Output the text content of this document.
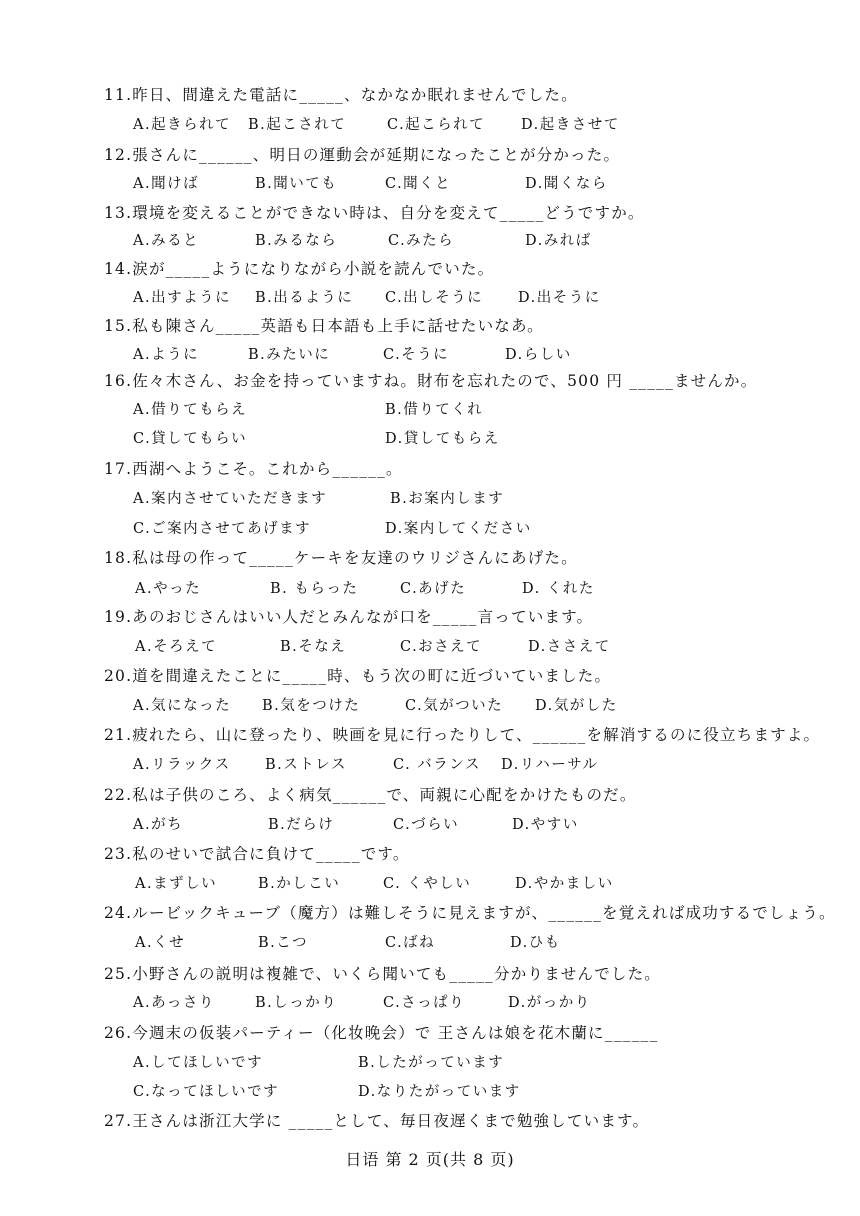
11.昨日、間違えた電話に_____、なかなか眠れませんでした。
A.起きられて B.起こされて	C.起こられて D.起きさせて
12.張さんに______、明日の運動会が延期になったことが分かった。
A.聞けば	B.聞いても	C.聞くと	D.聞くなら
13.環境を変えることができない時は、自分を変えて_____どうですか。
A.みると	B.みるなら	C.みたら	D.みれば
14.涙が_____ようになりながら小説を読んでいた。
A.出すように B.出るように C.出しそうに D.出そうに
15.私も陳さん_____英語も日本語も上手に話せたいなあ。
A.ように	B.みたいに	C.そうに	D.らしい
16.佐々木さん、お金を持っていますね。財布を忘れたので、500 円 _____ませんか。
A.借りてもらえ	B.借りてくれ
C.貸してもらい	D.貸してもらえ
17.西湖へようこそ。これから______。
A.案内させていただきます	B.お案内します
C.ご案内させてあげます	D.案内してください
18.私は母の作って_____ケーキを友達のウリジさんにあげた。
A.やった	B. もらった	C.あげた	D. くれた
19.あのおじさんはいい人だとみんなが口を_____言っています。
A.そろえて	B.そなえ	C.おさえて	D.ささえて
20.道を間違えたことに_____時、もう次の町に近づいていました。
A.気になった B.気をつけた	C.気がついた D.気がした
21.疲れたら、山に登ったり、映画を見に行ったりして、______を解消するのに役立ちますよ。
A.リラックス B.ストレス	C. バランス D.リハーサル
22.私は子供のころ、よく病気______で、両親に心配をかけたものだ。
A.がち	B.だらけ	C.づらい	D.やすい
23.私のせいで試合に負けて_____です。
A.まずしい	B.かしこい	C. くやしい	D.やかましい
24.ルービックキューブ（魔方）は難しそうに見えますが、______を覚えれば成功するでしょう。
A.くせ	B.こつ	C.ばね	D.ひも
25.小野さんの説明は複雑で、いくら聞いても_____分かりませんでした。
A.あっさり	B.しっかり	C.さっぱり	D.がっかり
26.今週末の仮装パーティー（化妆晚会）で 王さんは娘を花木蘭に______
A.してほしいです	B.したがっています
C.なってほしいです	D.なりたがっています
27.王さんは浙江大学に _____として、毎日夜遅くまで勉強しています。
日语 第 2 页(共 8 页)
